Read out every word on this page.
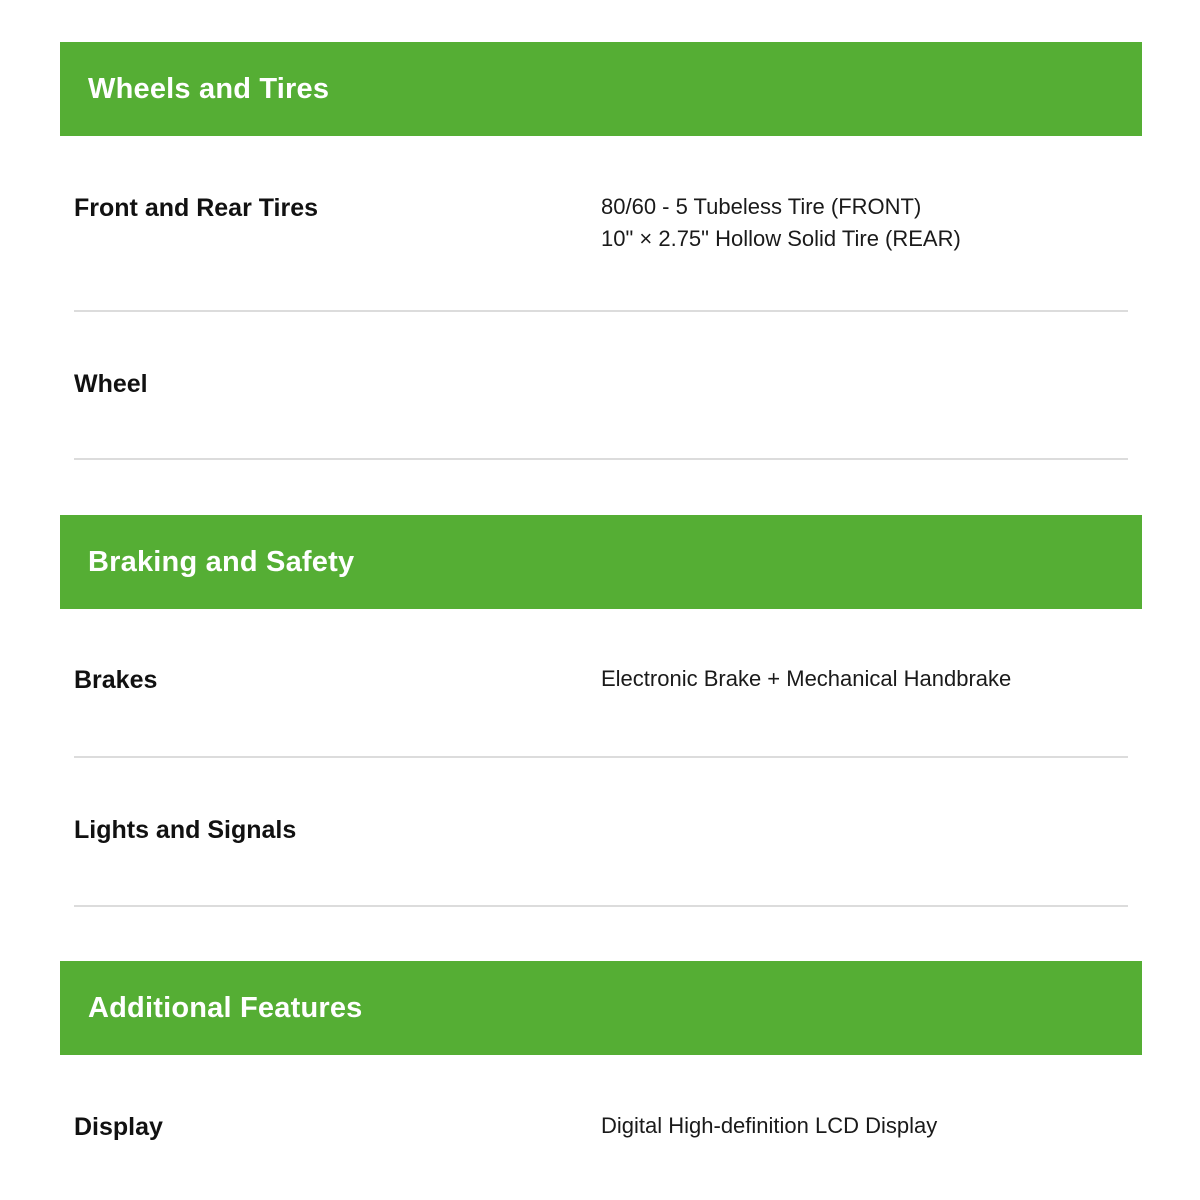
Wheels and Tires
Front and Rear Tires	80/60 - 5 Tubeless Tire (FRONT)
10" × 2.75" Hollow Solid Tire (REAR)
Wheel
Braking and Safety
Brakes	Electronic Brake + Mechanical Handbrake
Lights and Signals
Additional Features
Display	Digital High-definition LCD Display
